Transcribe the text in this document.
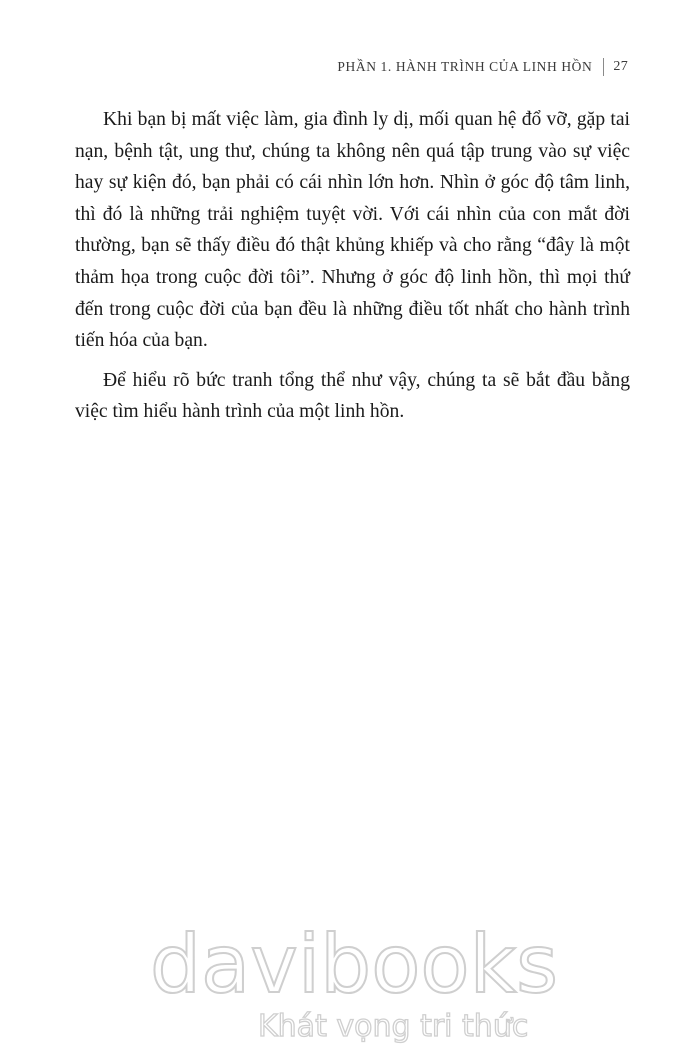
PHẦN 1. HÀNH TRÌNH CỦA LINH HỒN 27

Khi bạn bị mất việc làm, gia đình ly dị, mối quan hệ đổ vỡ, gặp tai nạn, bệnh tật, ung thư, chúng ta không nên quá tập trung vào sự việc hay sự kiện đó, bạn phải có cái nhìn lớn hơn. Nhìn ở góc độ tâm linh, thì đó là những trải nghiệm tuyệt vời. Với cái nhìn của con mắt đời thường, bạn sẽ thấy điều đó thật khủng khiếp và cho rằng “đây là một thảm họa trong cuộc đời tôi”. Nhưng ở góc độ linh hồn, thì mọi thứ đến trong cuộc đời của bạn đều là những điều tốt nhất cho hành trình tiến hóa của bạn.

Để hiểu rõ bức tranh tổng thể như vậy, chúng ta sẽ bắt đầu bằng việc tìm hiểu hành trình của một linh hồn.

davibooks
Khát vọng tri thức
